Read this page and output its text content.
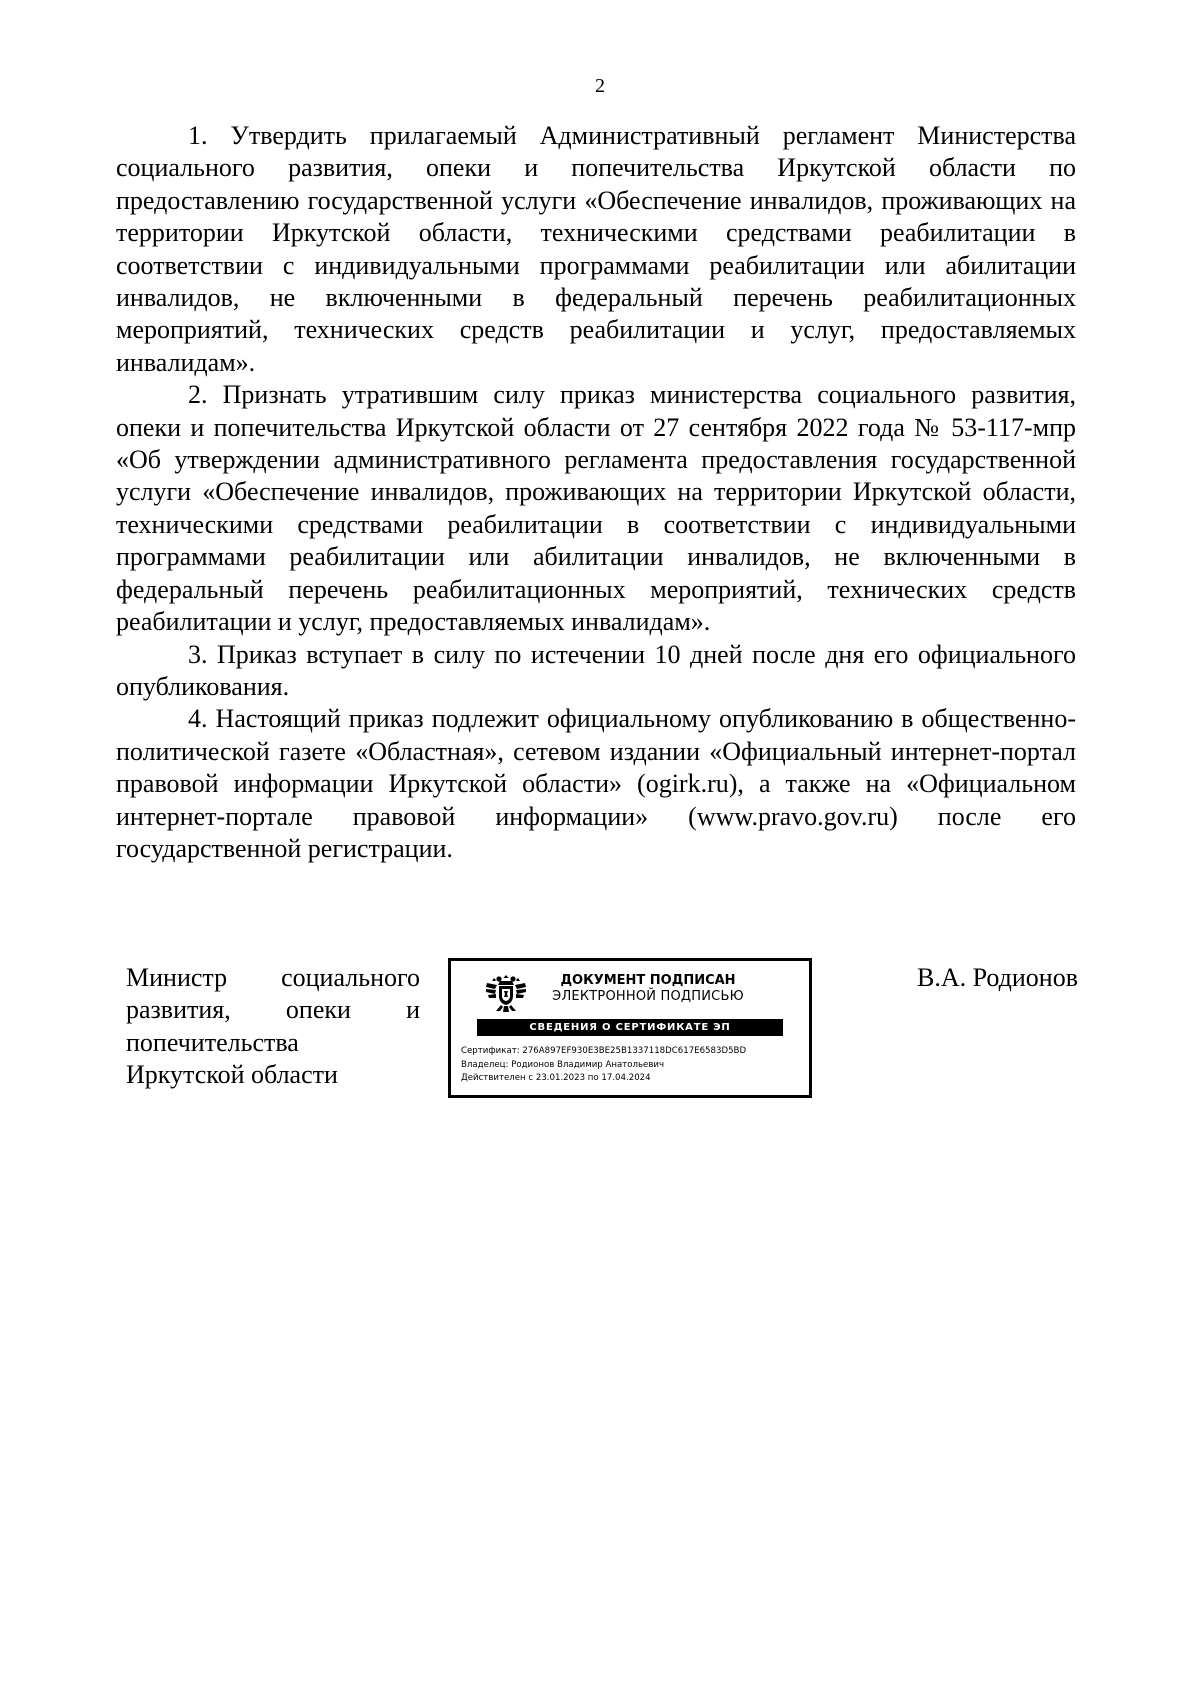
2

1. Утвердить прилагаемый Административный регламент Министерства социального развития, опеки и попечительства Иркутской области по предоставлению государственной услуги «Обеспечение инвалидов, проживающих на территории Иркутской области, техническими средствами реабилитации в соответствии с индивидуальными программами реабилитации или абилитации инвалидов, не включенными в федеральный перечень реабилитационных мероприятий, технических средств реабилитации и услуг, предоставляемых инвалидам».

2. Признать утратившим силу приказ министерства социального развития, опеки и попечительства Иркутской области от 27 сентября 2022 года № 53-117-мпр «Об утверждении административного регламента предоставления государственной услуги «Обеспечение инвалидов, проживающих на территории Иркутской области, техническими средствами реабилитации в соответствии с индивидуальными программами реабилитации или абилитации инвалидов, не включенными в федеральный перечень реабилитационных мероприятий, технических средств реабилитации и услуг, предоставляемых инвалидам».

3. Приказ вступает в силу по истечении 10 дней после дня его официального опубликования.

4. Настоящий приказ подлежит официальному опубликованию в общественно-политической газете «Областная», сетевом издании «Официальный интернет-портал правовой информации Иркутской области» (ogirk.ru), а также на «Официальном интернет-портале правовой информации» (www.pravo.gov.ru) после его государственной регистрации.

Министр социального
развития, опеки и
попечительства
Иркутской области
ДОКУМЕНТ ПОДПИСАН
ЭЛЕКТРОННОЙ ПОДПИСЬЮ
СВЕДЕНИЯ О СЕРТИФИКАТЕ ЭП
Сертификат: 276A897EF930E3BE25B1337118DC617E6583D5BD
Владелец: Родионов Владимир Анатольевич
Действителен с 23.01.2023 по 17.04.2024
В.А. Родионов
